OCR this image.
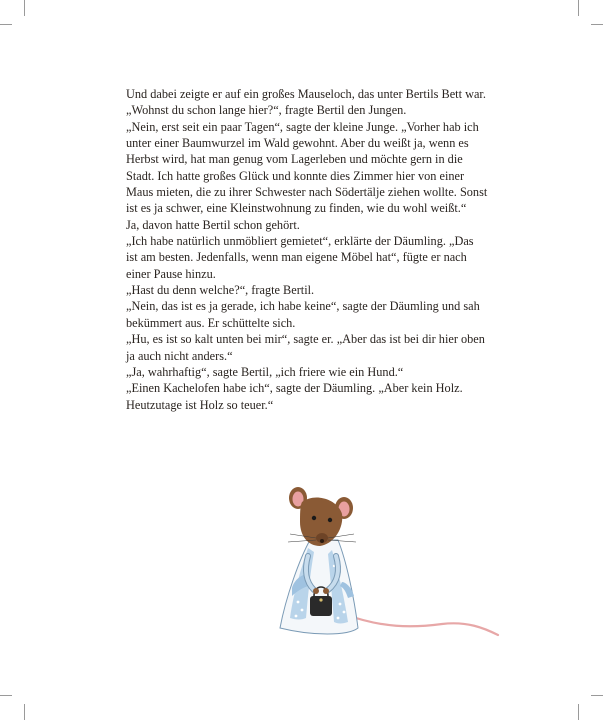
Und dabei zeigte er auf ein großes Mauseloch, das unter Bertils Bett war.
„Wohnst du schon lange hier?“, fragte Bertil den Jungen.
„Nein, erst seit ein paar Tagen“, sagte der kleine Junge. „Vorher hab ich
unter einer Baumwurzel im Wald gewohnt. Aber du weißt ja, wenn es
Herbst wird, hat man genug vom Lagerleben und möchte gern in die
Stadt. Ich hatte großes Glück und konnte dies Zimmer hier von einer
Maus mieten, die zu ihrer Schwester nach Södertälje ziehen wollte. Sonst
ist es ja schwer, eine Kleinstwohnung zu finden, wie du wohl weißt.“
Ja, davon hatte Bertil schon gehört.
„Ich habe natürlich unmöbliert gemietet“, erklärte der Däumling. „Das
ist am besten. Jedenfalls, wenn man eigene Möbel hat“, fügte er nach
einer Pause hinzu.
„Hast du denn welche?“, fragte Bertil.
„Nein, das ist es ja gerade, ich habe keine“, sagte der Däumling und sah
bekümmert aus. Er schüttelte sich.
„Hu, es ist so kalt unten bei mir“, sagte er. „Aber das ist bei dir hier oben
ja auch nicht anders.“
„Ja, wahrhaftig“, sagte Bertil, „ich friere wie ein Hund.“
„Einen Kachelofen habe ich“, sagte der Däumling. „Aber kein Holz.
Heutzutage ist Holz so teuer.“
